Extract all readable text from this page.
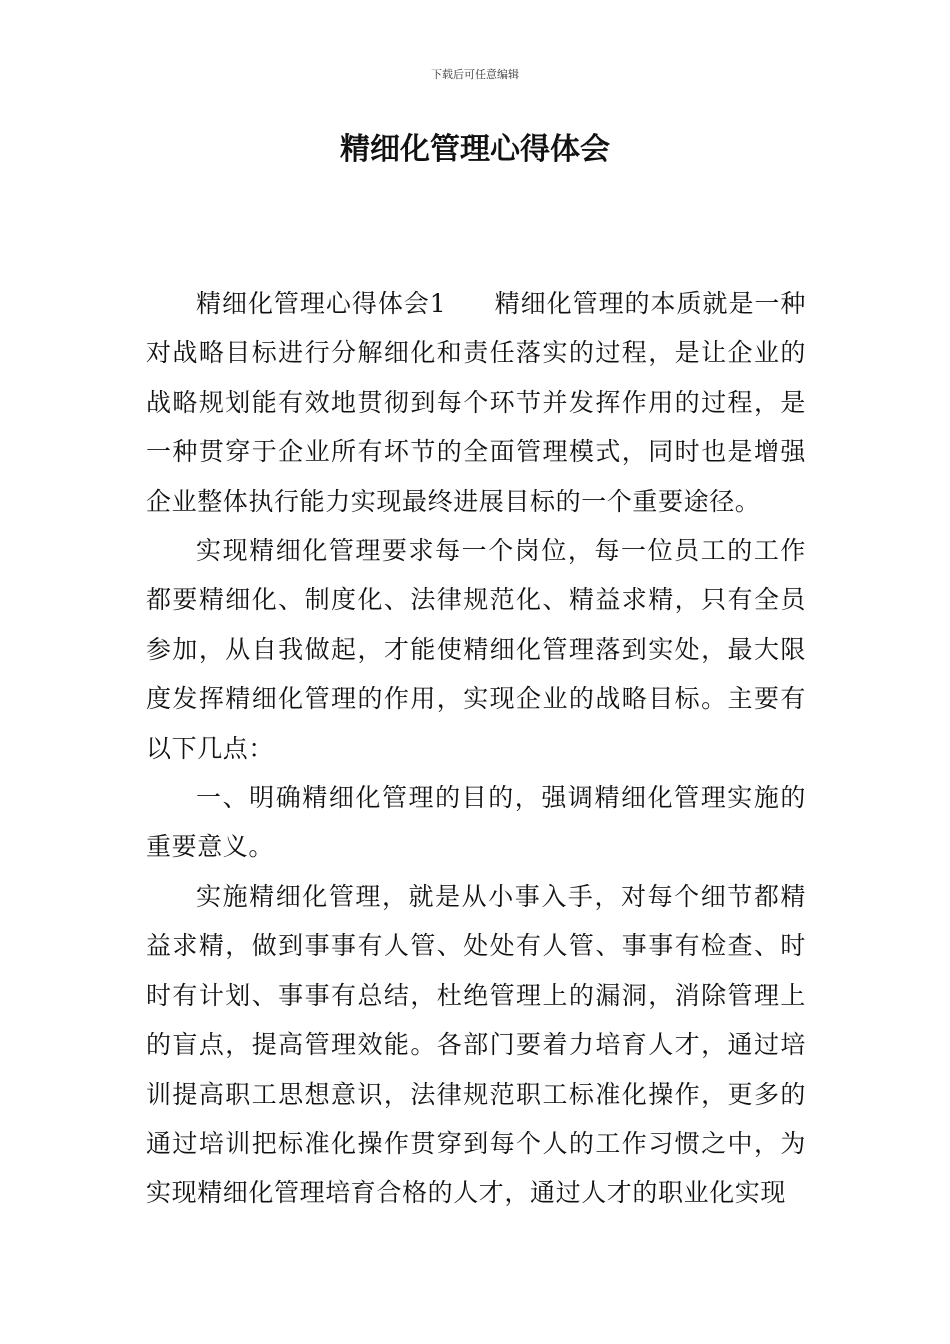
下载后可任意编辑
精细化管理心得体会

精细化管理心得体会1 精细化管理的本质就是一种对战略目标进行分解细化和责任落实的过程，是让企业的战略规划能有效地贯彻到每个环节并发挥作用的过程，是一种贯穿于企业所有坏节的全面管理模式，同时也是增强企业整体执行能力实现最终进展目标的一个重要途径。

实现精细化管理要求每一个岗位，每一位员工的工作都要精细化、制度化、法律规范化、精益求精，只有全员参加，从自我做起，才能使精细化管理落到实处，最大限度发挥精细化管理的作用，实现企业的战略目标。主要有以下几点：

一、明确精细化管理的目的，强调精细化管理实施的重要意义。

实施精细化管理，就是从小事入手，对每个细节都精益求精，做到事事有人管、处处有人管、事事有检查、时时有计划、事事有总结，杜绝管理上的漏洞，消除管理上的盲点，提高管理效能。各部门要着力培育人才，通过培训提高职工思想意识，法律规范职工标准化操作，更多的通过培训把标准化操作贯穿到每个人的工作习惯之中，为实现精细化管理培育合格的人才，通过人才的职业化实现
